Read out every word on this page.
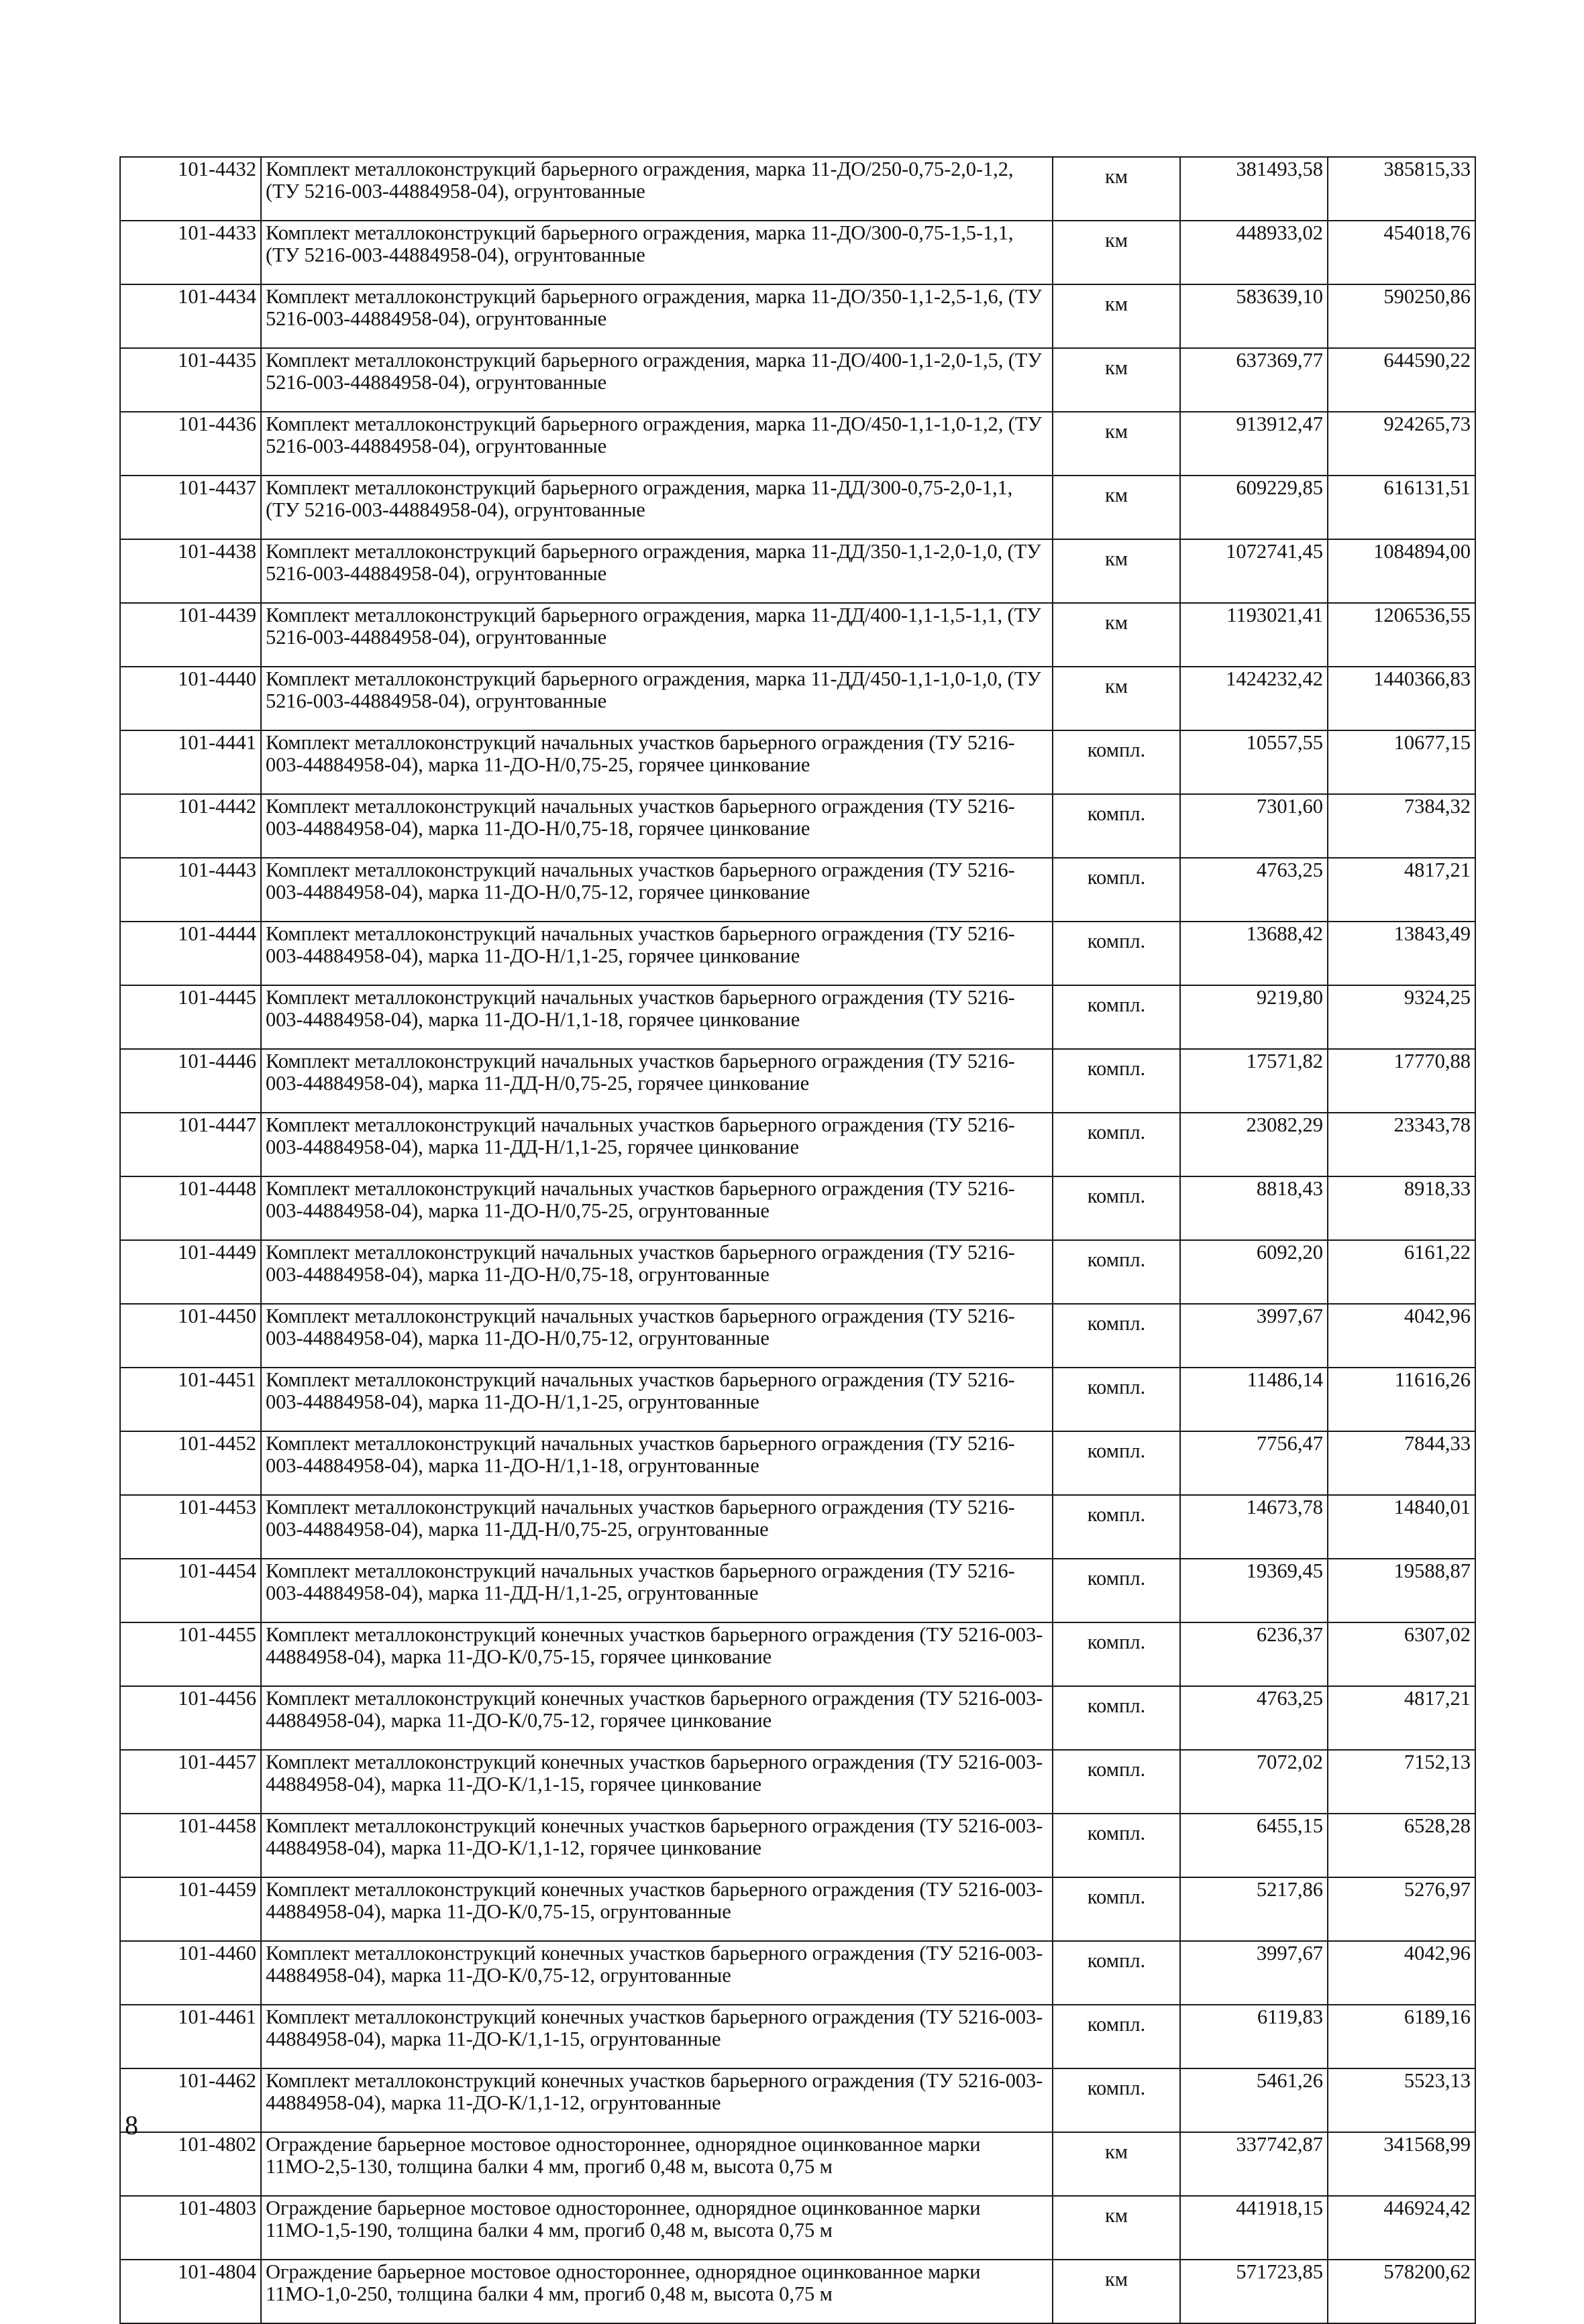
101-4432	Комплект металлоконструкций барьерного ограждения, марка 11-ДО/250-0,75-2,0-1,2, (ТУ 5216-003-44884958-04), огрунтованные	км	381493,58	385815,33
101-4433	Комплект металлоконструкций барьерного ограждения, марка 11-ДО/300-0,75-1,5-1,1, (ТУ 5216-003-44884958-04), огрунтованные	км	448933,02	454018,76
101-4434	Комплект металлоконструкций барьерного ограждения, марка 11-ДО/350-1,1-2,5-1,6, (ТУ 5216-003-44884958-04), огрунтованные	км	583639,10	590250,86
101-4435	Комплект металлоконструкций барьерного ограждения, марка 11-ДО/400-1,1-2,0-1,5, (ТУ 5216-003-44884958-04), огрунтованные	км	637369,77	644590,22
101-4436	Комплект металлоконструкций барьерного ограждения, марка 11-ДО/450-1,1-1,0-1,2, (ТУ 5216-003-44884958-04), огрунтованные	км	913912,47	924265,73
101-4437	Комплект металлоконструкций барьерного ограждения, марка 11-ДД/300-0,75-2,0-1,1, (ТУ 5216-003-44884958-04), огрунтованные	км	609229,85	616131,51
101-4438	Комплект металлоконструкций барьерного ограждения, марка 11-ДД/350-1,1-2,0-1,0, (ТУ 5216-003-44884958-04), огрунтованные	км	1072741,45	1084894,00
101-4439	Комплект металлоконструкций барьерного ограждения, марка 11-ДД/400-1,1-1,5-1,1, (ТУ 5216-003-44884958-04), огрунтованные	км	1193021,41	1206536,55
101-4440	Комплект металлоконструкций барьерного ограждения, марка 11-ДД/450-1,1-1,0-1,0, (ТУ 5216-003-44884958-04), огрунтованные	км	1424232,42	1440366,83
101-4441	Комплект металлоконструкций начальных участков барьерного ограждения (ТУ 5216-003-44884958-04), марка 11-ДО-Н/0,75-25, горячее цинкование	компл.	10557,55	10677,15
101-4442	Комплект металлоконструкций начальных участков барьерного ограждения (ТУ 5216-003-44884958-04), марка 11-ДО-Н/0,75-18, горячее цинкование	компл.	7301,60	7384,32
101-4443	Комплект металлоконструкций начальных участков барьерного ограждения (ТУ 5216-003-44884958-04), марка 11-ДО-Н/0,75-12, горячее цинкование	компл.	4763,25	4817,21
101-4444	Комплект металлоконструкций начальных участков барьерного ограждения (ТУ 5216-003-44884958-04), марка 11-ДО-Н/1,1-25, горячее цинкование	компл.	13688,42	13843,49
101-4445	Комплект металлоконструкций начальных участков барьерного ограждения (ТУ 5216-003-44884958-04), марка 11-ДО-Н/1,1-18, горячее цинкование	компл.	9219,80	9324,25
101-4446	Комплект металлоконструкций начальных участков барьерного ограждения (ТУ 5216-003-44884958-04), марка 11-ДД-Н/0,75-25, горячее цинкование	компл.	17571,82	17770,88
101-4447	Комплект металлоконструкций начальных участков барьерного ограждения (ТУ 5216-003-44884958-04), марка 11-ДД-Н/1,1-25, горячее цинкование	компл.	23082,29	23343,78
101-4448	Комплект металлоконструкций начальных участков барьерного ограждения (ТУ 5216-003-44884958-04), марка 11-ДО-Н/0,75-25, огрунтованные	компл.	8818,43	8918,33
101-4449	Комплект металлоконструкций начальных участков барьерного ограждения (ТУ 5216-003-44884958-04), марка 11-ДО-Н/0,75-18, огрунтованные	компл.	6092,20	6161,22
101-4450	Комплект металлоконструкций начальных участков барьерного ограждения (ТУ 5216-003-44884958-04), марка 11-ДО-Н/0,75-12, огрунтованные	компл.	3997,67	4042,96
101-4451	Комплект металлоконструкций начальных участков барьерного ограждения (ТУ 5216-003-44884958-04), марка 11-ДО-Н/1,1-25, огрунтованные	компл.	11486,14	11616,26
101-4452	Комплект металлоконструкций начальных участков барьерного ограждения (ТУ 5216-003-44884958-04), марка 11-ДО-Н/1,1-18, огрунтованные	компл.	7756,47	7844,33
101-4453	Комплект металлоконструкций начальных участков барьерного ограждения (ТУ 5216-003-44884958-04), марка 11-ДД-Н/0,75-25, огрунтованные	компл.	14673,78	14840,01
101-4454	Комплект металлоконструкций начальных участков барьерного ограждения (ТУ 5216-003-44884958-04), марка 11-ДД-Н/1,1-25, огрунтованные	компл.	19369,45	19588,87
101-4455	Комплект металлоконструкций конечных участков барьерного ограждения (ТУ 5216-003-44884958-04), марка 11-ДО-К/0,75-15, горячее цинкование	компл.	6236,37	6307,02
101-4456	Комплект металлоконструкций конечных участков барьерного ограждения (ТУ 5216-003-44884958-04), марка 11-ДО-К/0,75-12, горячее цинкование	компл.	4763,25	4817,21
101-4457	Комплект металлоконструкций конечных участков барьерного ограждения (ТУ 5216-003-44884958-04), марка 11-ДО-К/1,1-15, горячее цинкование	компл.	7072,02	7152,13
101-4458	Комплект металлоконструкций конечных участков барьерного ограждения (ТУ 5216-003-44884958-04), марка 11-ДО-К/1,1-12, горячее цинкование	компл.	6455,15	6528,28
101-4459	Комплект металлоконструкций конечных участков барьерного ограждения (ТУ 5216-003-44884958-04), марка 11-ДО-К/0,75-15, огрунтованные	компл.	5217,86	5276,97
101-4460	Комплект металлоконструкций конечных участков барьерного ограждения (ТУ 5216-003-44884958-04), марка 11-ДО-К/0,75-12, огрунтованные	компл.	3997,67	4042,96
101-4461	Комплект металлоконструкций конечных участков барьерного ограждения (ТУ 5216-003-44884958-04), марка 11-ДО-К/1,1-15, огрунтованные	компл.	6119,83	6189,16
101-4462	Комплект металлоконструкций конечных участков барьерного ограждения (ТУ 5216-003-44884958-04), марка 11-ДО-К/1,1-12, огрунтованные	компл.	5461,26	5523,13
101-4802	Ограждение барьерное мостовое одностороннее, однорядное оцинкованное марки 11МО-2,5-130, толщина балки 4 мм, прогиб 0,48 м, высота 0,75 м	км	337742,87	341568,99
101-4803	Ограждение барьерное мостовое одностороннее, однорядное оцинкованное марки 11МО-1,5-190, толщина балки 4 мм, прогиб 0,48 м, высота 0,75 м	км	441918,15	446924,42
101-4804	Ограждение барьерное мостовое одностороннее, однорядное оцинкованное марки 11МО-1,0-250, толщина балки 4 мм, прогиб 0,48 м, высота 0,75 м	км	571723,85	578200,62
8
